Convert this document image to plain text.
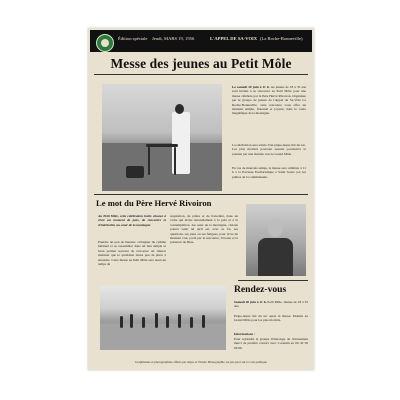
Édition spéciale Jeudi, MARS 19, 1956	L'APPEL DE SA-VOIX (La Roche-Bonneville)
Messe des jeunes au Petit Môle
Le samedi 20 juin à 11 h, les jeunes de 18 à 35 ans sont invités à se retrouver au Petit Môle pour une messe célébrée par le Père Hervé Rivoiron. Organisée par le groupe de jeunes de l'Appel de Sa-Voix La Roche-Bonneville, cette rencontre vous offre un moment simple, fraternel et joyeux, dans le cadre magnifique de la montagne.
La célébration sera suivie d'un pique-nique tiré du sac. Les plus motivés pourront ensuite poursuivre la journée par une montée vers le Grand Môle.
En cas de mauvais temps, la messe sera célébrée à 11 h à la Paroisse Eucharistique à Saint Jeoire par les prêtres de la communauté.
Le mot du Père Hervé Rivoiron
Au Petit Môle, cette célébration invite chacun à vivre un moment de paix, de rencontre et d'intériorité, au cœur de la montagne.
Prendre un peu de hauteur, s'éloigner du rythme habituel et se rassembler dans un lieu simple et beau permet souvent de retrouver un silence intérieur que le quotidien laisse peu de place à entendre. Cette messe au Petit Môle sera aussi un temps de
respiration, de prière et de fraternité, dans un cadre qui invite naturellement à la paix et à la contemplation. Au cœur de la montagne, chacun pourra venir tel qu'il est, avec sa foi, ses questions, ses joies ou ses fatigues, pour vivre un moment vrai, porté par la rencontre, l'écoute et la présence de Dieu.
Rendez-vous
Samedi 20 juin à 11 h, Petit Môle. Jeunes de 18 à 35 ans.
Pique-nique tiré du sac après la messe. Montée au Grand Môle pour les plus motivés.
Informations :
Pour rejoindre le groupe WhatsApp de l'évènement merci de prendre contact avec Corentin au 06 43 59 66 99.
Graphismes et photographies offerts par Alpes et Nature Photographie, ne pas jeter sur la voie publique
